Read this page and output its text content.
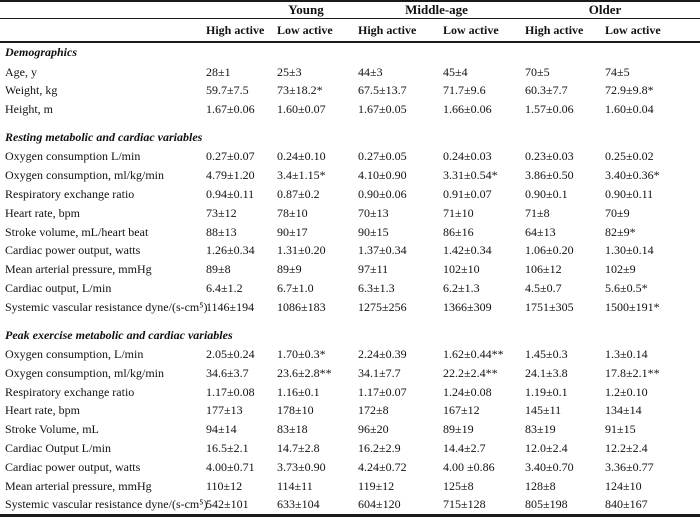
	Young		Middle-age		Older	
	High active	Low active	High active	Low active	High active	Low active
Demographics						
Age, y	28±1	25±3	44±3	45±4	70±5	74±5
Weight, kg	59.7±7.5	73±18.2*	67.5±13.7	71.7±9.6	60.3±7.7	72.9±9.8*
Height, m	1.67±0.06	1.60±0.07	1.67±0.05	1.66±0.06	1.57±0.06	1.60±0.04
Resting metabolic and cardiac variables						
Oxygen consumption L/min	0.27±0.07	0.24±0.10	0.27±0.05	0.24±0.03	0.23±0.03	0.25±0.02
Oxygen consumption, ml/kg/min	4.79±1.20	3.4±1.15*	4.10±0.90	3.31±0.54*	3.86±0.50	3.40±0.36*
Respiratory exchange ratio	0.94±0.11	0.87±0.2	0.90±0.06	0.91±0.07	0.90±0.1	0.90±0.11
Heart rate, bpm	73±12	78±10	70±13	71±10	71±8	70±9
Stroke volume, mL/heart beat	88±13	90±17	90±15	86±16	64±13	82±9*
Cardiac power output, watts	1.26±0.34	1.31±0.20	1.37±0.34	1.42±0.34	1.06±0.20	1.30±0.14
Mean arterial pressure, mmHg	89±8	89±9	97±11	102±10	106±12	102±9
Cardiac output, L/min	6.4±1.2	6.7±1.0	6.3±1.3	6.2±1.3	4.5±0.7	5.6±0.5*
Systemic vascular resistance dyne/(s-cm⁵)	1146±194	1086±183	1275±256	1366±309	1751±305	1500±191*
Peak exercise metabolic and cardiac variables						
Oxygen consumption, L/min	2.05±0.24	1.70±0.3*	2.24±0.39	1.62±0.44**	1.45±0.3	1.3±0.14
Oxygen consumption, ml/kg/min	34.6±3.7	23.6±2.8**	34.1±7.7	22.2±2.4**	24.1±3.8	17.8±2.1**
Respiratory exchange ratio	1.17±0.08	1.16±0.1	1.17±0.07	1.24±0.08	1.19±0.1	1.2±0.10
Heart rate, bpm	177±13	178±10	172±8	167±12	145±11	134±14
Stroke Volume, mL	94±14	83±18	96±20	89±19	83±19	91±15
Cardiac Output L/min	16.5±2.1	14.7±2.8	16.2±2.9	14.4±2.7	12.0±2.4	12.2±2.4
Cardiac power output, watts	4.00±0.71	3.73±0.90	4.24±0.72	4.00 ±0.86	3.40±0.70	3.36±0.77
Mean arterial pressure, mmHg	110±12	114±11	119±12	125±8	128±8	124±10
Systemic vascular resistance dyne/(s-cm⁵)	542±101	633±104	604±120	715±128	805±198	840±167
